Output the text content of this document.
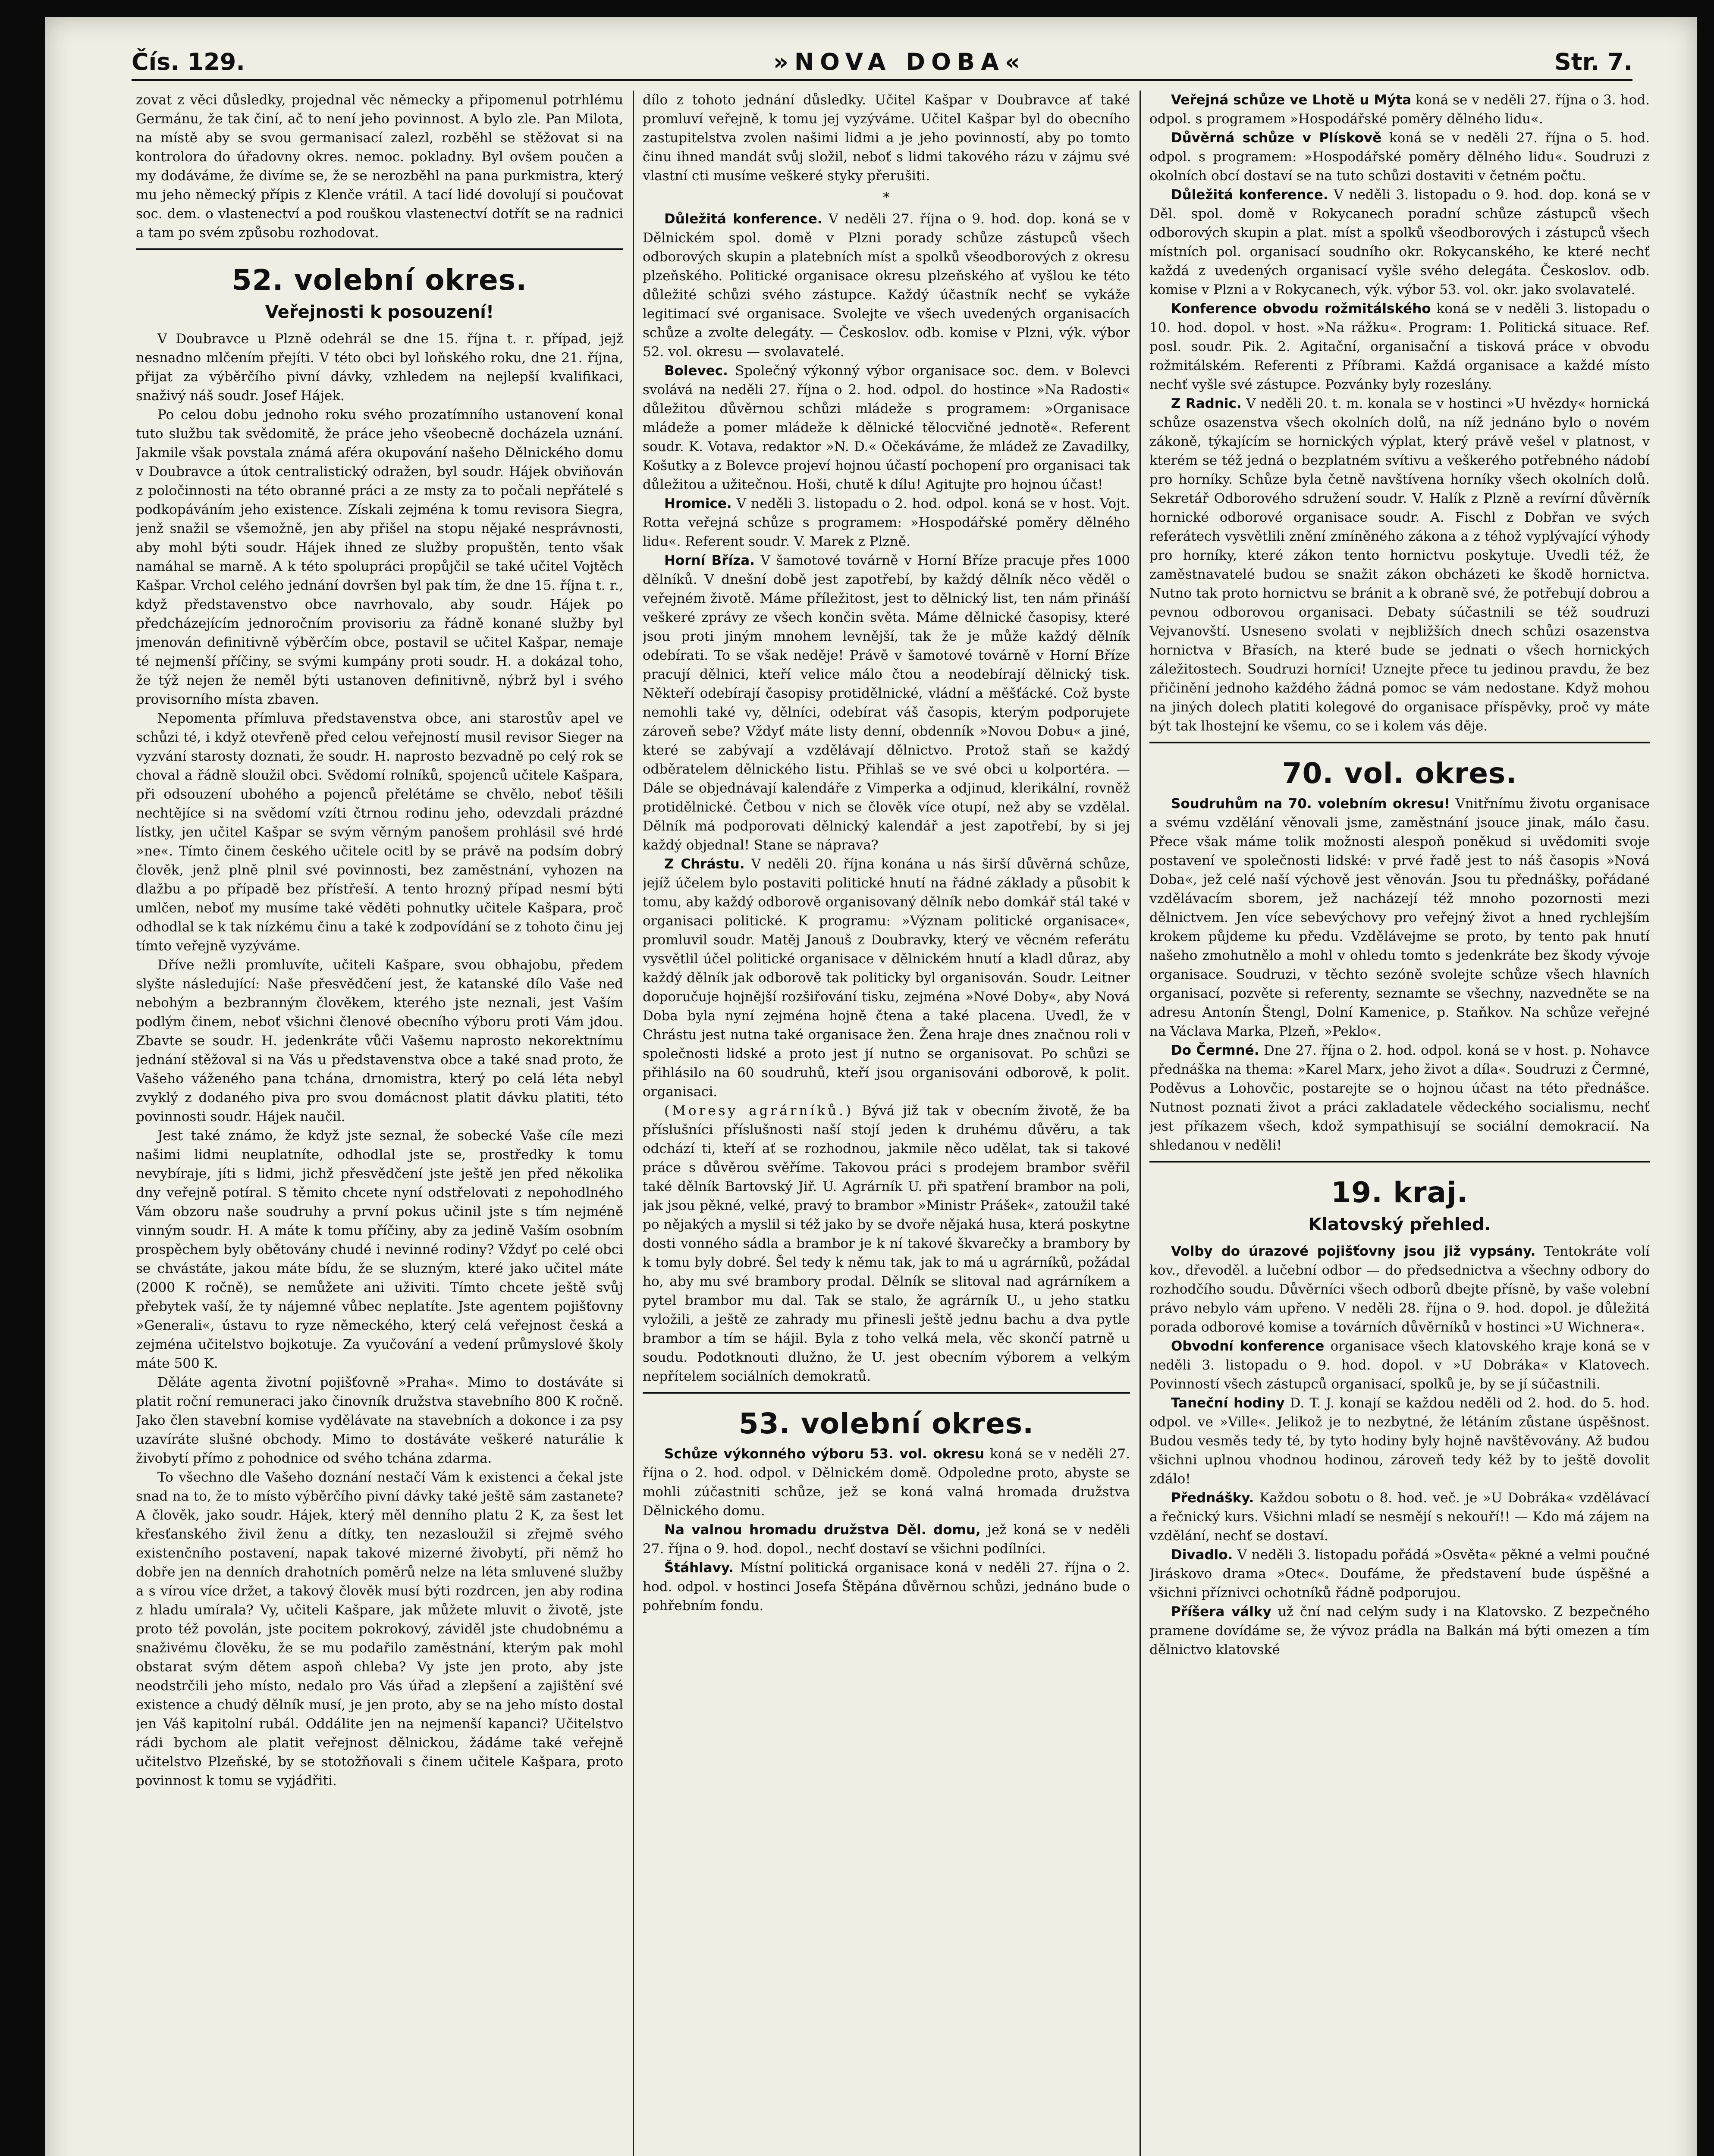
Čís. 129.	»NOVA DOBA«	Str. 7.

zovat z věci důsledky, projednal věc německy a připomenul potrhlému Germánu, že tak činí, ač to není jeho povinnost. A bylo zle. Pan Milota, na místě aby se svou germanisací zalezl, rozběhl se stěžovat si na kontrolora do úřadovny okres. nemoc. pokladny. Byl ovšem poučen a my dodáváme, že divíme se, že se nerozběhl na pana purkmistra, který mu jeho německý přípis z Klenče vrátil. A tací lidé dovolují si poučovat soc. dem. o vlastenectví a pod rouškou vlastenectví dotřít se na radnici a tam po svém způsobu rozhodovat.

52. volební okres.
Veřejnosti k posouzení!

V Doubravce u Plzně odehrál se dne 15. října t. r. případ, jejž nesnadno mlčením přejíti. V této obci byl loňského roku, dne 21. října, přijat za výběrčího pivní dávky, vzhledem na nejlepší kvalifikaci, snaživý náš soudr. Josef Hájek.

Po celou dobu jednoho roku svého prozatímního ustanovení konal tuto službu tak svědomitě, že práce jeho všeobecně docházela uznání. Jakmile však povstala známá aféra okupování našeho Dělnického domu v Doubravce a útok centralistický odražen, byl soudr. Hájek obviňován z poločinnosti na této obranné práci a ze msty za to počali nepřátelé s podkopáváním jeho existence. Získali zejména k tomu revisora Siegra, jenž snažil se všemožně, jen aby přišel na stopu nějaké nesprávnosti, aby mohl býti soudr. Hájek ihned ze služby propuštěn, tento však namáhal se marně. A k této spolupráci propůjčil se také učitel Vojtěch Kašpar. Vrchol celého jednání dovršen byl pak tím, že dne 15. října t. r., když představenstvo obce navrhovalo, aby soudr. Hájek po předcházejícím jednoročním provisoriu za řádně konané služby byl jmenován definitivně výběrčím obce, postavil se učitel Kašpar, nemaje té nejmenší příčiny, se svými kumpány proti soudr. H. a dokázal toho, že týž nejen že neměl býti ustanoven definitivně, nýbrž byl i svého provisorního místa zbaven.

Nepomenta přímluva představenstva obce, ani starostův apel ve schůzi té, i když otevřeně před celou veřejností musil revisor Sieger na vyzvání starosty doznati, že soudr. H. naprosto bezvadně po celý rok se choval a řádně sloužil obci. Svědomí rolníků, spojenců učitele Kašpara, při odsouzení ubohého a pojenců přelétáme se chvělo, neboť těšili nechtějíce si na svědomí vzíti čtrnou rodinu jeho, odevzdali prázdné lístky, jen učitel Kašpar se svým věrným panošem prohlásil své hrdé »ne«. Tímto činem českého učitele ocitl by se právě na podsím dobrý člověk, jenž plně plnil své povinnosti, bez zaměstnání, vyhozen na dlažbu a po případě bez přístřeší. A tento hrozný případ nesmí býti umlčen, neboť my musíme také věděti pohnutky učitele Kašpara, proč odhodlal se k tak nízkému činu a také k zodpovídání se z tohoto činu jej tímto veřejně vyzýváme.

Dříve nežli promluvíte, učiteli Kašpare, svou obhajobu, předem slyšte následující: Naše přesvědčení jest, že katanské dílo Vaše ned nebohým a bezbranným člověkem, kterého jste neznali, jest Vaším podlým činem, neboť všichni členové obecního výboru proti Vám jdou. Zbavte se soudr. H. jedenkráte vůči Vašemu naprosto nekorektnímu jednání stěžoval si na Vás u představenstva obce a také snad proto, že Vašeho váženého pana tchána, drnomistra, který po celá léta nebyl zvyklý z dodaného piva pro svou domácnost platit dávku platiti, této povinnosti soudr. Hájek naučil.

Jest také známo, že když jste seznal, že sobecké Vaše cíle mezi našimi lidmi neuplatníte, odhodlal jste se, prostředky k tomu nevybíraje, jíti s lidmi, jichž přesvědčení jste ještě jen před několika dny veřejně potíral. S těmito chcete nyní odstřelovati z nepohodlného Vám obzoru naše soudruhy a první pokus učinil jste s tím nejméně vinným soudr. H. A máte k tomu příčiny, aby za jedině Vaším osobním prospěchem byly obětovány chudé i nevinné rodiny? Vždyť po celé obci se chvástáte, jakou máte bídu, že se sluzným, které jako učitel máte (2000 K ročně), se nemůžete ani uživiti. Tímto chcete ještě svůj přebytek vaší, že ty nájemné vůbec neplatíte. Jste agentem pojišťovny »Generali«, ústavu to ryze německého, který celá veřejnost česká a zejména učitelstvo bojkotuje. Za vyučování a vedení průmyslové školy máte 500 K.

Děláte agenta životní pojišťovně »Praha«. Mimo to dostáváte si platit roční remuneraci jako činovník družstva stavebního 800 K ročně. Jako člen stavební komise vydělávate na stavebních a dokonce i za psy uzavíráte slušné obchody. Mimo to dostáváte veškeré naturálie k živobytí přímo z pohodnice od svého tchána zdarma.

To všechno dle Vašeho doznání nestačí Vám k existenci a čekal jste snad na to, že to místo výběrčího pivní dávky také ještě sám zastanete? A člověk, jako soudr. Hájek, který měl denního platu 2 K, za šest let křesťanského živil ženu a dítky, ten nezasloužil si zřejmě svého existenčního postavení, napak takové mizerné živobytí, při němž ho dobře jen na denních drahotních poměrů nelze na léta smluvené služby a s vírou více držet, a takový člověk musí býti rozdrcen, jen aby rodina z hladu umírala? Vy, učiteli Kašpare, jak můžete mluvit o životě, jste proto též povolán, jste pocitem pokrokový, záviděl jste chudobnému a snaživému člověku, že se mu podařilo zaměstnání, kterým pak mohl obstarat svým dětem aspoň chleba? Vy jste jen proto, aby jste neodstrčili jeho místo, nedalo pro Vás úřad a zlepšení a zajištění své existence a chudý dělník musí, je jen proto, aby se na jeho místo dostal jen Váš kapitolní rubál. Oddálite jen na nejmenší kapanci? Učitelstvo rádi bychom ale platit veřejnost dělnickou, žádáme také veřejně učitelstvo Plzeňské, by se stotožňovali s činem učitele Kašpara, proto povinnost k tomu se vyjádřiti.

dílo z tohoto jednání důsledky. Učitel Kašpar v Doubravce ať také promluví veřejně, k tomu jej vyzýváme. Učitel Kašpar byl do obecního zastupitelstva zvolen našimi lidmi a je jeho povinností, aby po tomto činu ihned mandát svůj složil, neboť s lidmi takového rázu v zájmu své vlastní cti musíme veškeré styky přerušiti.

*

Důležitá konference. V neděli 27. října o 9. hod. dop. koná se v Dělnickém spol. domě v Plzni porady schůze zástupců všech odborových skupin a platebních míst a spolků všeodborových z okresu plzeňského. Politické organisace okresu plzeňského ať vyšlou ke této důležité schůzi svého zástupce. Každý účastník nechť se vykáže legitimací své organisace. Svolejte ve všech uvedených organisacích schůze a zvolte delegáty. — Českoslov. odb. komise v Plzni, výk. výbor 52. vol. okresu — svolavatelé.

Bolevec. Společný výkonný výbor organisace soc. dem. v Bolevci svolává na neděli 27. října o 2. hod. odpol. do hostince »Na Radosti« důležitou důvěrnou schůzi mládeže s programem: »Organisace mládeže a pomer mládeže k dělnické tělocvičné jednotě«. Referent soudr. K. Votava, redaktor »N. D.« Očekáváme, že mládež ze Zavadilky, Košutky a z Bolevce projeví hojnou účastí pochopení pro organisaci tak důležitou a užitečnou. Hoši, chutě k dílu! Agitujte pro hojnou účast!

Hromice. V neděli 3. listopadu o 2. hod. odpol. koná se v host. Vojt. Rotta veřejná schůze s programem: »Hospodářské poměry dělného lidu«. Referent soudr. V. Marek z Plzně.

Horní Bříza. V šamotové továrně v Horní Bříze pracuje přes 1000 dělníků. V dnešní době jest zapotřebí, by každý dělník něco věděl o veřejném životě. Máme příležitost, jest to dělnický list, ten nám přináší veškeré zprávy ze všech končin světa. Máme dělnické časopisy, které jsou proti jiným mnohem levnější, tak že je může každý dělník odebírati. To se však neděje! Právě v šamotové továrně v Horní Bříze pracují dělnici, kteří velice málo čtou a neodebírají dělnický tisk. Někteří odebírají časopisy protidělnické, vládní a měšťácké. Což byste nemohli také vy, dělníci, odebírat váš časopis, kterým podporujete zároveň sebe? Vždyť máte listy denní, obdenník »Novou Dobu« a jiné, které se zabývají a vzdělávají dělnictvo. Protož staň se každý odběratelem dělnického listu. Přihlaš se ve své obci u kolportéra. — Dále se objednávají kalendáře z Vimperka a odjinud, klerikální, rovněž protidělnické. Četbou v nich se člověk více otupí, než aby se vzdělal. Dělník má podporovati dělnický kalendář a jest zapotřebí, by si jej každý objednal! Stane se náprava?

Z Chrástu. V neděli 20. října konána u nás širší důvěrná schůze, jejíž účelem bylo postaviti politické hnutí na řádné základy a působit k tomu, aby každý odborově organisovaný dělník nebo domkář stál také v organisaci politické. K programu: »Význam politické organisace«, promluvil soudr. Matěj Janouš z Doubravky, který ve věcném referátu vysvětlil účel politické organisace v dělnickém hnutí a kladl důraz, aby každý dělník jak odborově tak politicky byl organisován. Soudr. Leitner doporučuje hojnější rozšiřování tisku, zejména »Nové Doby«, aby Nová Doba byla nyní zejména hojně čtena a také placena. Uvedl, že v Chrástu jest nutna také organisace žen. Žena hraje dnes značnou roli v společnosti lidské a proto jest jí nutno se organisovat. Po schůzi se přihlásilo na 60 soudruhů, kteří jsou organisováni odborově, k polit. organisaci.

(Moresy agrárníků.) Bývá již tak v obecním životě, že ba příslušníci příslušnosti naší stojí jeden k druhému důvěru, a tak odchází ti, kteří ať se rozhodnou, jakmile něco udělat, tak si takové práce s důvěrou svěříme. Takovou práci s prodejem brambor svěřil také dělník Bartovský Jiř. U. Agrárník U. při spatření brambor na poli, jak jsou pěkné, velké, pravý to brambor »Ministr Prášek«, zatoužil také po nějakých a myslil si též jako by se dvoře nějaká husa, která poskytne dosti vonného sádla a brambor je k ní takové škvarečky a brambory by k tomu byly dobré. Šel tedy k němu tak, jak to má u agrárníků, požádal ho, aby mu své brambory prodal. Dělník se slitoval nad agrárníkem a pytel brambor mu dal. Tak se stalo, že agrárník U., u jeho statku vyložili, a ještě ze zahrady mu přinesli ještě jednu bachu a dva pytle brambor a tím se hájil. Byla z toho velká mela, věc skončí patrně u soudu. Podotknouti dlužno, že U. jest obecním výborem a velkým nepřítelem sociálních demokratů.

53. volební okres.

Schůze výkonného výboru 53. vol. okresu koná se v neděli 27. října o 2. hod. odpol. v Dělnickém domě. Odpoledne proto, abyste se mohli zúčastniti schůze, jež se koná valná hromada družstva Dělnického domu.

Na valnou hromadu družstva Děl. domu, jež koná se v neděli 27. října o 9. hod. dopol., nechť dostaví se všichni podílníci.

Štáhlavy. Místní politická organisace koná v neděli 27. října o 2. hod. odpol. v hostinci Josefa Štěpána důvěrnou schůzi, jednáno bude o pohřebním fondu.

Veřejná schůze ve Lhotě u Mýta koná se v neděli 27. října o 3. hod. odpol. s programem »Hospodářské poměry dělného lidu«.

Důvěrná schůze v Plískově koná se v neděli 27. října o 5. hod. odpol. s programem: »Hospodářské poměry dělného lidu«. Soudruzi z okolních obcí dostaví se na tuto schůzi dostaviti v četném počtu.

Důležitá konference. V neděli 3. listopadu o 9. hod. dop. koná se v Děl. spol. domě v Rokycanech poradní schůze zástupců všech odborových skupin a plat. míst a spolků všeodborových i zástupců všech místních pol. organisací soudního okr. Rokycanského, ke které nechť každá z uvedených organisací vyšle svého delegáta. Českoslov. odb. komise v Plzni a v Rokycanech, výk. výbor 53. vol. okr. jako svolavatelé.

Konference obvodu rožmitálského koná se v neděli 3. listopadu o 10. hod. dopol. v host. »Na rážku«. Program: 1. Politická situace. Ref. posl. soudr. Pik. 2. Agitační, organisační a tisková práce v obvodu rožmitálském. Referenti z Příbrami. Každá organisace a každé místo nechť vyšle své zástupce. Pozvánky byly rozeslány.

Z Radnic. V neděli 20. t. m. konala se v hostinci »U hvězdy« hornická schůze osazenstva všech okolních dolů, na níž jednáno bylo o novém zákoně, týkajícím se hornických výplat, který právě vešel v platnost, v kterém se též jedná o bezplatném svítivu a veškerého potřebného nádobí pro horníky. Schůze byla četně navštívena horníky všech okolních dolů. Sekretář Odborového sdružení soudr. V. Halík z Plzně a revírní důvěrník hornické odborové organisace soudr. A. Fischl z Dobřan ve svých referátech vysvětlili znění zmíněného zákona a z téhož vyplývající výhody pro horníky, které zákon tento hornictvu poskytuje. Uvedli též, že zaměstnavatelé budou se snažit zákon obcházeti ke škodě hornictva. Nutno tak proto hornictvu se bránit a k obraně své, že potřebují dobrou a pevnou odborovou organisaci. Debaty súčastnili se též soudruzi Vejvanovští. Usneseno svolati v nejbližších dnech schůzi osazenstva hornictva v Břasích, na které bude se jednati o všech hornických záležitostech. Soudruzi horníci! Uznejte přece tu jedinou pravdu, že bez přičinění jednoho každého žádná pomoc se vám nedostane. Když mohou na jiných dolech platiti kolegové do organisace příspěvky, proč vy máte být tak lhostejní ke všemu, co se i kolem vás děje.

70. vol. okres.

Soudruhům na 70. volebním okresu! Vnitřnímu životu organisace a svému vzdělání věnovali jsme, zaměstnání jsouce jinak, málo času. Přece však máme tolik možnosti alespoň poněkud si uvědomiti svoje postavení ve společnosti lidské: v prvé řadě jest to náš časopis »Nová Doba«, jež celé naší výchově jest věnován. Jsou tu přednášky, pořádané vzdělávacím sborem, jež nacházejí též mnoho pozornosti mezi dělnictvem. Jen více sebevýchovy pro veřejný život a hned rychlejším krokem půjdeme ku předu. Vzdělávejme se proto, by tento pak hnutí našeho zmohutnělo a mohl v ohledu tomto s jedenkráte bez škody vývoje organisace. Soudruzi, v těchto sezóně svolejte schůze všech hlavních organisací, pozvěte si referenty, seznamte se všechny, nazvedněte se na adresu Antonín Štengl, Dolní Kamenice, p. Staňkov. Na schůze veřejné na Václava Marka, Plzeň, »Peklo«.

Do Čermné. Dne 27. října o 2. hod. odpol. koná se v host. p. Nohavce přednáška na thema: »Karel Marx, jeho život a díla«. Soudruzi z Čermné, Poděvus a Lohovčic, postarejte se o hojnou účast na této přednášce. Nutnost poznati život a práci zakladatele vědeckého socialismu, nechť jest příkazem všech, kdož sympathisují se sociální demokracií. Na shledanou v neděli!

19. kraj.
Klatovský přehled.

Volby do úrazové pojišťovny jsou již vypsány. Tentokráte volí kov., dřevoděl. a lučební odbor — do předsednictva a všechny odbory do rozhodčího soudu. Důvěrníci všech odborů dbejte přísně, by vaše volební právo nebylo vám upřeno. V neděli 28. října o 9. hod. dopol. je důležitá porada odborové komise a továrních důvěrníků v hostinci »U Wichnera«.

Obvodní konference organisace všech klatovského kraje koná se v neděli 3. listopadu o 9. hod. dopol. v »U Dobráka« v Klatovech. Povinností všech zástupců organisací, spolků je, by se jí súčastnili.

Taneční hodiny D. T. J. konají se každou neděli od 2. hod. do 5. hod. odpol. ve »Ville«. Jelikož je to nezbytné, že létáním zůstane úspěšnost. Budou vesměs tedy té, by tyto hodiny byly hojně navštěvovány. Až budou všichni uplnou vhodnou hodinou, zároveň tedy kéž by to ještě dovolit zdálo!

Přednášky. Každou sobotu o 8. hod. več. je »U Dobráka« vzdělávací a řečnický kurs. Všichni mladí se nesmějí s nekouří!! — Kdo má zájem na vzdělání, nechť se dostaví.

Divadlo. V neděli 3. listopadu pořádá »Osvěta« pěkné a velmi poučné Jiráskovo drama »Otec«. Doufáme, že představení bude úspěšné a všichni příznivci ochotníků řádně podporujou.

Příšera války už ční nad celým sudy i na Klatovsko. Z bezpečného pramene dovídáme se, že vývoz prádla na Balkán má býti omezen a tím dělnictvo klatovské
